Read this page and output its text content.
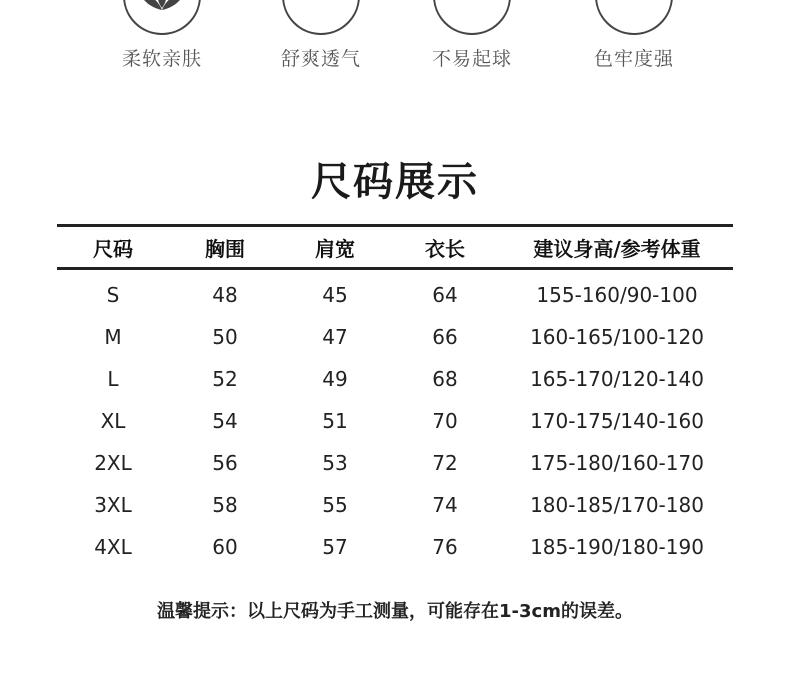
柔软亲肤	舒爽透气	不易起球	色牢度强
尺码展示
尺码	胸围	肩宽	衣长	建议身高/参考体重
S	48	45	64	155-160/90-100
M	50	47	66	160-165/100-120
L	52	49	68	165-170/120-140
XL	54	51	70	170-175/140-160
2XL	56	53	72	175-180/160-170
3XL	58	55	74	180-185/170-180
4XL	60	57	76	185-190/180-190
温馨提示：以上尺码为手工测量，可能存在1-3cm的误差。
